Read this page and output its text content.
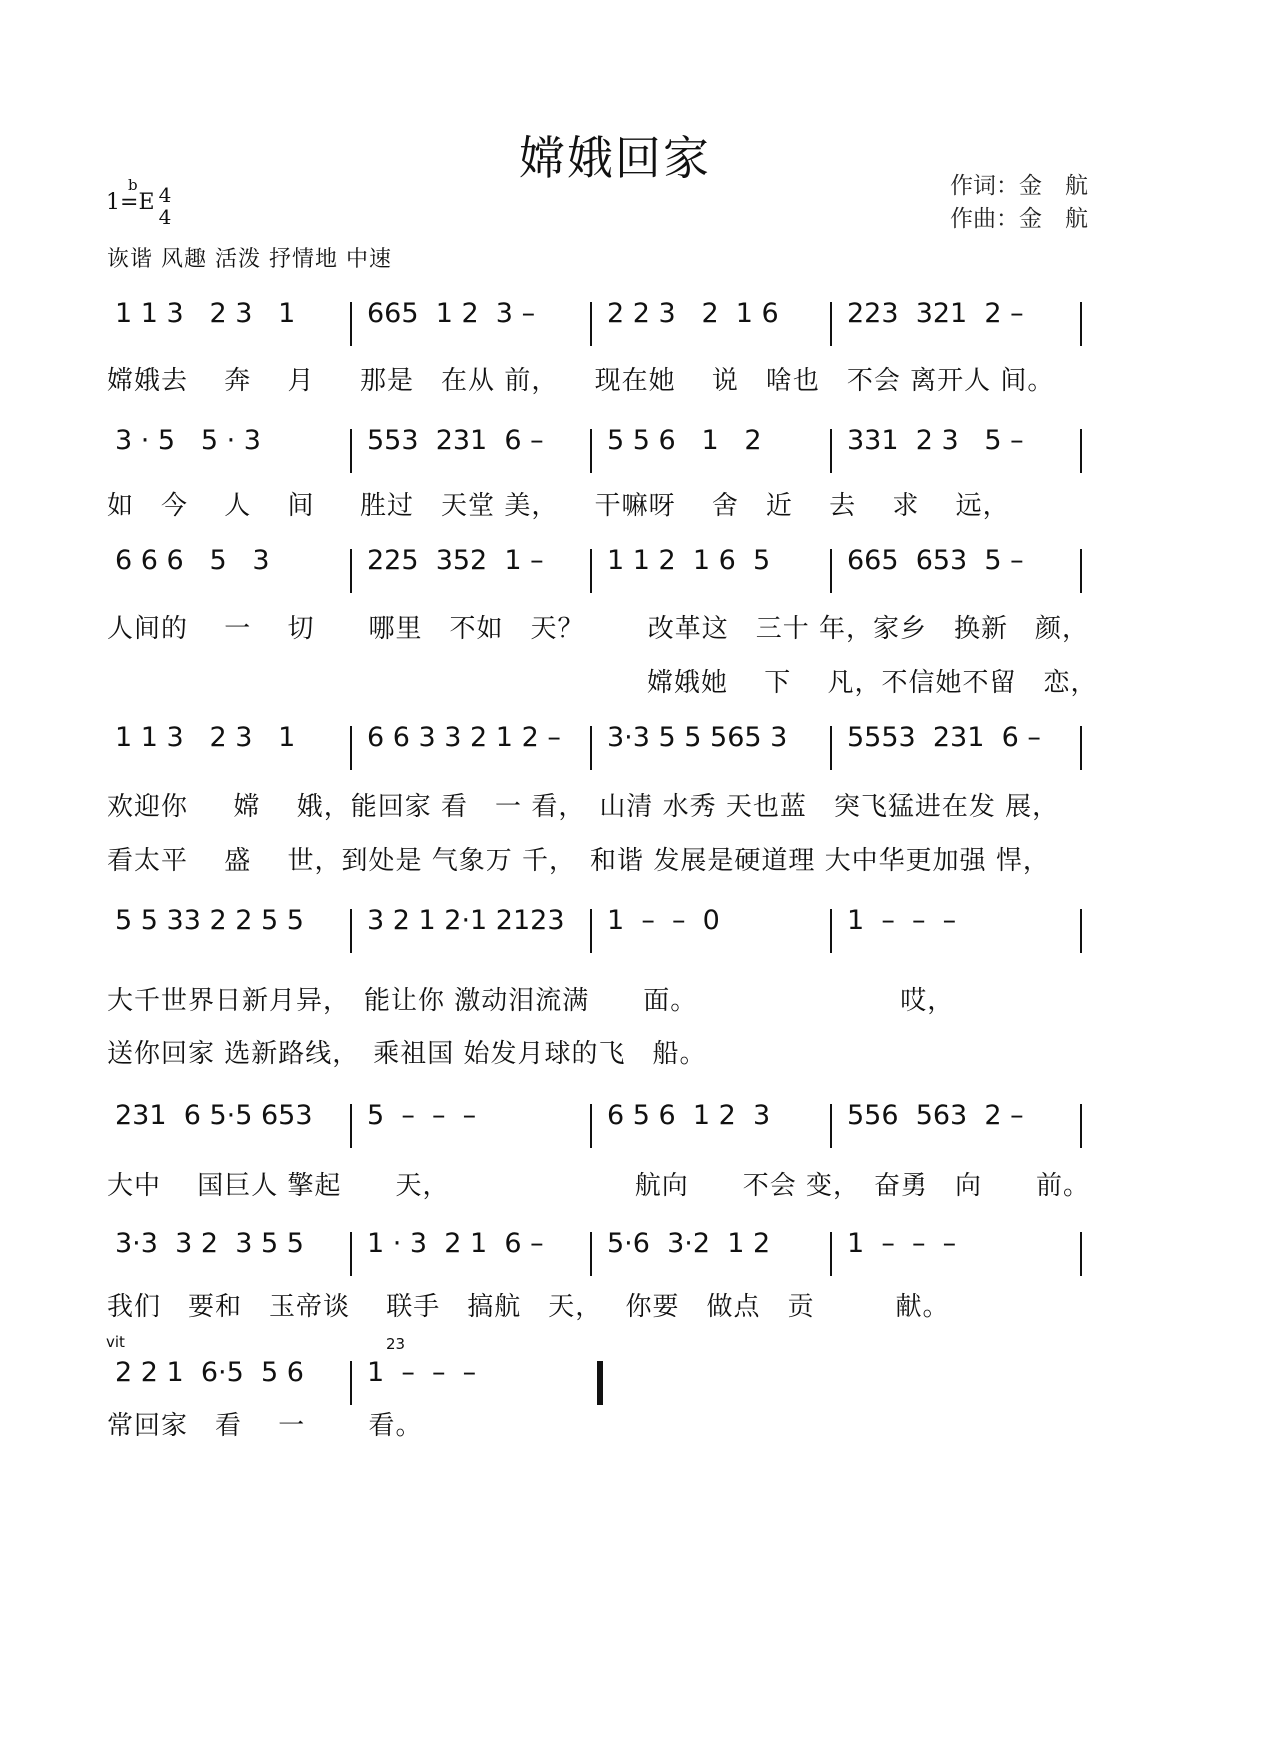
嫦娥回家
作词：金　航
作曲：金　航
1=
b
E 4
4
诙谐 风趣 活泼 抒情地 中速
1 1 3   2 3   1	665  1 2  3 –	2 2 3   2  1 6	223  321  2 –
嫦娥去　 奔 　月 　 那是　在从 前， 　现在她　 说　啥也　不会 离开人 间。
3 · 5   5 · 3	553  231  6 – 5 5 6   1   2	331  2 3   5 –
如　今　 人　 间 　 胜过　天堂 美， 　干嘛呀 　舍　近 　去　 求　 远，
6 6 6   5   3	225  352  1 – 1 1 2  1 6  5	665  653  5 –
人间的 　一 　切　　哪里　不如　天？ 　　改革这　三十 年，家乡　换新　颜，
　　　　　　　　　　　　　　　　　　　　嫦娥她　 下　 凡，不信她不留　恋，
1 1 3   2 3   1	6 6 3 3 2 1 2 – 3·3 5 5 565 3 5553  231  6 –
欢迎你 　 嫦　 娥，能回家 看　一 看，　山清 水秀 天也蓝　突飞猛进在发 展，
看太平　 盛　 世，到处是 气象万 千，　和谐 发展是硬道理 大中华更加强 悍，
5 5 33 2 2 5 5 3 2 1 2·1 2123 1  –  –  0	1  –  –  –
大千世界日新月异，　能让你 激动泪流满　　面。　　　　　　　　哎，
送你回家 选新路线，　乘祖国 始发月球的飞　船。
231  6 5·5 653 5  –  –  –	6 5 6  1 2  3	556  563  2 –
大中　 国巨人 擎起　　天，　　　　　　　 航向　　不会 变，　奋勇　向　　前。
3·3  3 2  3 5 5 1 · 3  2 1  6 – 5·6  3·2  1 2	1  –  –  –
我们　要和　玉帝谈　 联手　搞航　天，　 你要　做点　贡　　　献。
2 2 1  6·5  5 6 1  –  –  –
常回家　看　 一　　 看。
vit	23
